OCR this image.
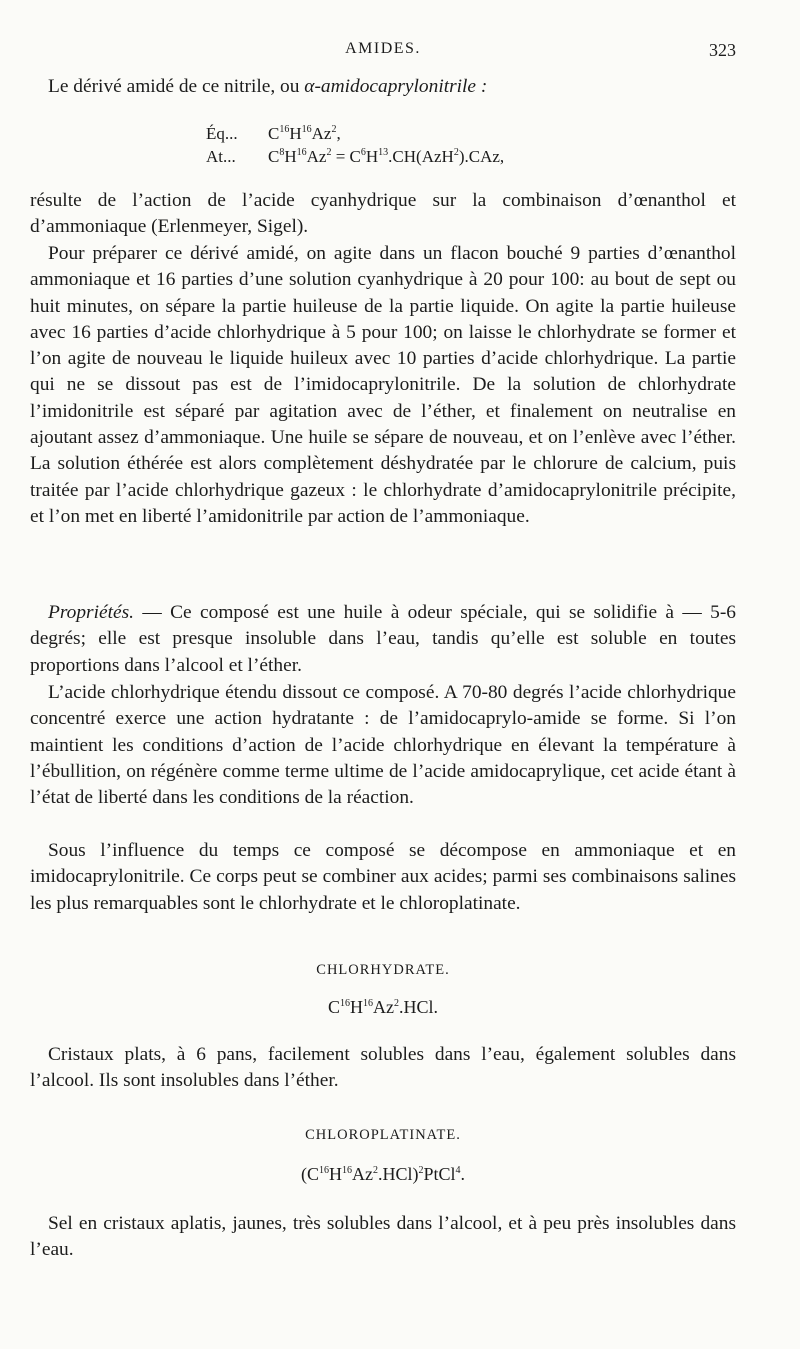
AMIDES.	323

Le dérivé amidé de ce nitrile, ou α-amidocaprylonitrile :

Éq... $C^{16}H^{16}Az^2$,
At... $C^8H^{16}Az^2 = C^6H^{13}.CH(AzH^2).CAz$,

résulte de l’action de l’acide cyanhydrique sur la combinaison d’œnanthol et d’ammoniaque (Erlenmeyer, Sigel).

Pour préparer ce dérivé amidé, on agite dans un flacon bouché 9 parties d’œnanthol ammoniaque et 16 parties d’une solution cyanhydrique à 20 pour 100: au bout de sept ou huit minutes, on sépare la partie huileuse de la partie liquide. On agite la partie huileuse avec 16 parties d’acide chlorhydrique à 5 pour 100; on laisse le chlorhydrate se former et l’on agite de nouveau le liquide huileux avec 10 parties d’acide chlorhydrique. La partie qui ne se dissout pas est de l’imidocaprylonitrile. De la solution de chlorhydrate l’imidonitrile est séparé par agitation avec de l’éther, et finalement on neutralise en ajoutant assez d’ammoniaque. Une huile se sépare de nouveau, et on l’enlève avec l’éther. La solution éthérée est alors complètement déshydratée par le chlorure de calcium, puis traitée par l’acide chlorhydrique gazeux : le chlorhydrate d’amidocaprylonitrile précipite, et l’on met en liberté l’amidonitrile par action de l’ammoniaque.

Propriétés. — Ce composé est une huile à odeur spéciale, qui se solidifie à — 5-6 degrés; elle est presque insoluble dans l’eau, tandis qu’elle est soluble en toutes proportions dans l’alcool et l’éther.

L’acide chlorhydrique étendu dissout ce composé. A 70-80 degrés l’acide chlorhydrique concentré exerce une action hydratante : de l’amidocaprylo-amide se forme. Si l’on maintient les conditions d’action de l’acide chlorhydrique en élevant la température à l’ébullition, on régénère comme terme ultime de l’acide amidocaprylique, cet acide étant à l’état de liberté dans les conditions de la réaction.

Sous l’influence du temps ce composé se décompose en ammoniaque et en imidocaprylonitrile. Ce corps peut se combiner aux acides; parmi ses combinaisons salines les plus remarquables sont le chlorhydrate et le chloroplatinate.

CHLORHYDRATE.
$C^{16}H^{16}Az^2.HCl$.

Cristaux plats, à 6 pans, facilement solubles dans l’eau, également solubles dans l’alcool. Ils sont insolubles dans l’éther.

CHLOROPLATINATE.
$(C^{16}H^{16}Az^2.HCl)^2PtCl^4$.

Sel en cristaux aplatis, jaunes, très solubles dans l’alcool, et à peu près insolubles dans l’eau.
